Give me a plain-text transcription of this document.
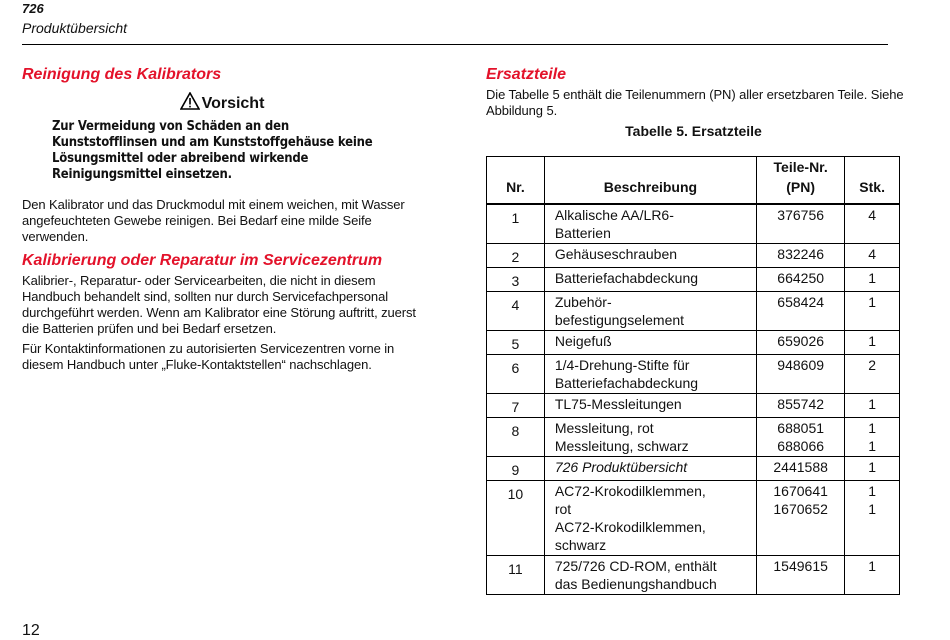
726
Produktübersicht
Reinigung des Kalibrators
Vorsicht

Zur Vermeidung von Schäden an den Kunststofflinsen und am Kunststoffgehäuse keine Lösungsmittel oder abreibend wirkende Reinigungsmittel einsetzen.

Den Kalibrator und das Druckmodul mit einem weichen, mit Wasser angefeuchteten Gewebe reinigen. Bei Bedarf eine milde Seife verwenden.

Kalibrierung oder Reparatur im Servicezentrum

Kalibrier-, Reparatur- oder Servicearbeiten, die nicht in diesem Handbuch behandelt sind, sollten nur durch Servicefachpersonal durchgeführt werden. Wenn am Kalibrator eine Störung auftritt, zuerst die Batterien prüfen und bei Bedarf ersetzen.

Für Kontaktinformationen zu autorisierten Servicezentren vorne in diesem Handbuch unter „Fluke-Kontaktstellen“ nachschlagen.

Ersatzteile

Die Tabelle 5 enthält die Teilenummern (PN) aller ersetzbaren Teile. Siehe Abbildung 5.

Tabelle 5. Ersatzteile
Nr.	Beschreibung	Teile-Nr.
(PN)	Stk.
1	Alkalische AA/LR6-
Batterien	376756	4

2	Gehäuseschrauben	832246	4

3	Batteriefachabdeckung	664250	1

4	Zubehör-
befestigungselement	658424	1

5	Neigefuß	659026	1

6	1/4-Drehung-Stifte für
Batteriefachabdeckung	948609	2

7	TL75-Messleitungen	855742	1

8	Messleitung, rot
Messleitung, schwarz	688051
688066	1
1

9	726 Produktübersicht	2441588	1

10	AC72-Krokodilklemmen,
rot
AC72-Krokodilklemmen,
schwarz	1670641
1670652	1
1

11	725/726 CD-ROM, enthält
das Bedienungshandbuch	1549615	1
12
